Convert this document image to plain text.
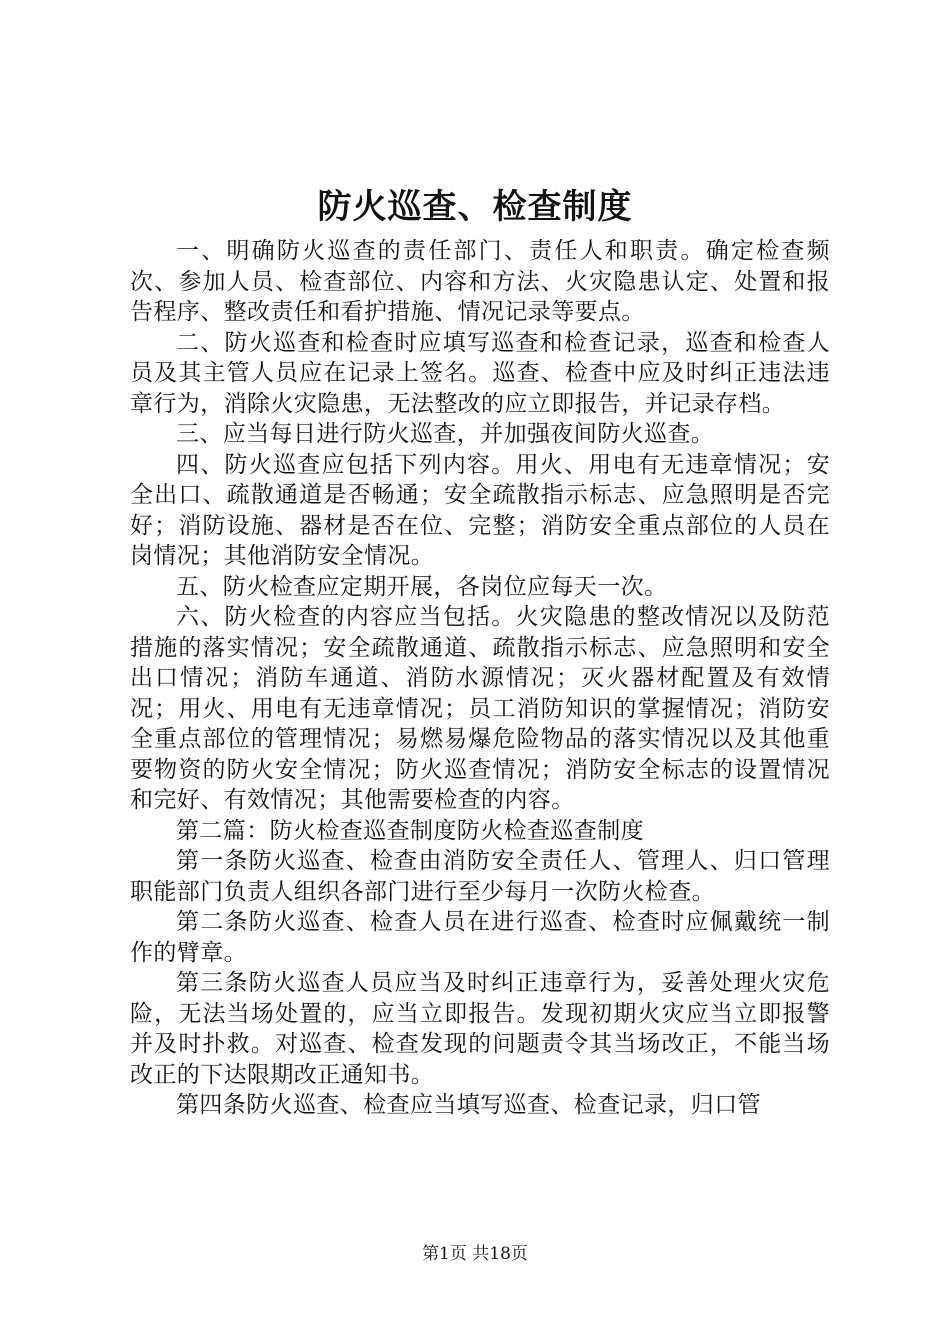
防火巡查、检查制度

一、明确防火巡查的责任部门、责任人和职责。确定检查频次、参加人员、检查部位、内容和方法、火灾隐患认定、处置和报告程序、整改责任和看护措施、情况记录等要点。

二、防火巡查和检查时应填写巡查和检查记录，巡查和检查人员及其主管人员应在记录上签名。巡查、检查中应及时纠正违法违章行为，消除火灾隐患，无法整改的应立即报告，并记录存档。

三、应当每日进行防火巡查，并加强夜间防火巡查。

四、防火巡查应包括下列内容。用火、用电有无违章情况；安全出口、疏散通道是否畅通；安全疏散指示标志、应急照明是否完好；消防设施、器材是否在位、完整；消防安全重点部位的人员在岗情况；其他消防安全情况。

五、防火检查应定期开展，各岗位应每天一次。

六、防火检查的内容应当包括。火灾隐患的整改情况以及防范措施的落实情况；安全疏散通道、疏散指示标志、应急照明和安全出口情况；消防车通道、消防水源情况；灭火器材配置及有效情况；用火、用电有无违章情况；员工消防知识的掌握情况；消防安全重点部位的管理情况；易燃易爆危险物品的落实情况以及其他重要物资的防火安全情况；防火巡查情况；消防安全标志的设置情况和完好、有效情况；其他需要检查的内容。

第二篇：防火检查巡查制度防火检查巡查制度

第一条防火巡查、检查由消防安全责任人、管理人、归口管理职能部门负责人组织各部门进行至少每月一次防火检查。

第二条防火巡查、检查人员在进行巡查、检查时应佩戴统一制作的臂章。

第三条防火巡查人员应当及时纠正违章行为，妥善处理火灾危险，无法当场处置的，应当立即报告。发现初期火灾应当立即报警并及时扑救。对巡查、检查发现的问题责令其当场改正，不能当场改正的下达限期改正通知书。

第四条防火巡查、检查应当填写巡查、检查记录，归口管

第1页 共18页
